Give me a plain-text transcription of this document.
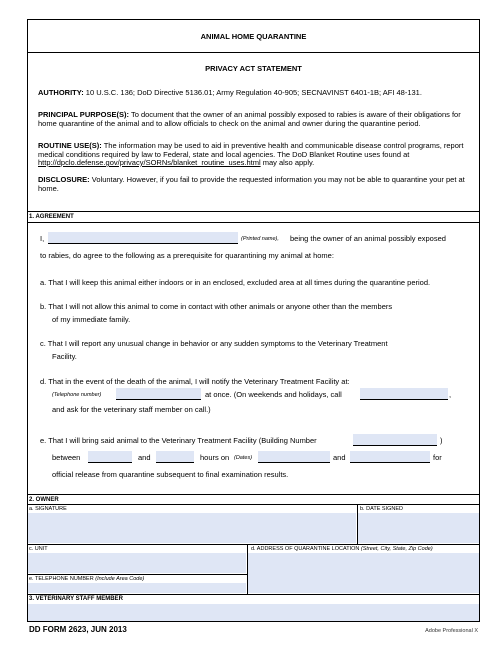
ANIMAL HOME QUARANTINE
PRIVACY ACT STATEMENT
AUTHORITY: 10 U.S.C. 136; DoD Directive 5136.01; Army Regulation 40-905; SECNAVINST 6401-1B; AFI 48-131.
PRINCIPAL PURPOSE(S): To document that the owner of an animal possibly exposed to rabies is aware of their obligations for home quarantine of the animal and to allow officials to check on the animal and owner during the quarantine period.
ROUTINE USE(S): The information may be used to aid in preventive health and communicable disease control programs, report medical conditions required by law to Federal, state and local agencies. The DoD Blanket Routine uses found at http://dpclo.defense.gov/privacy/SORNs/blanket_routine_uses.html may also apply.
DISCLOSURE: Voluntary. However, if you fail to provide the requested information you may not be able to quarantine your pet at home.
1. AGREEMENT
I,	(Printed name), being the owner of an animal possibly exposed
to rabies, do agree to the following as a prerequisite for quarantining my animal at home:
a. That I will keep this animal either indoors or in an enclosed, excluded area at all times during the quarantine period.
b. That I will not allow this animal to come in contact with other animals or anyone other than the members
of my immediate family.
c. That I will report any unusual change in behavior or any sudden symptoms to the Veterinary Treatment
Facility.
d. That in the event of the death of the animal, I will notify the Veterinary Treatment Facility at:
(Telephone number)	at once. (On weekends and holidays, call	,
and ask for the veterinary staff member on call.)
e. That I will bring said animal to the Veterinary Treatment Facility (Building Number	)
between	and	hours on (Dates)	and	for
official release from quarantine subsequent to final examination results.
2. OWNER
a. SIGNATURE	b. DATE SIGNED
c. UNIT	d. ADDRESS OF QUARANTINE LOCATION (Street, City, State, Zip Code)
e. TELEPHONE NUMBER (Include Area Code)
3. VETERINARY STAFF MEMBER
DD FORM 2623, JUN 2013	Adobe Professional X
